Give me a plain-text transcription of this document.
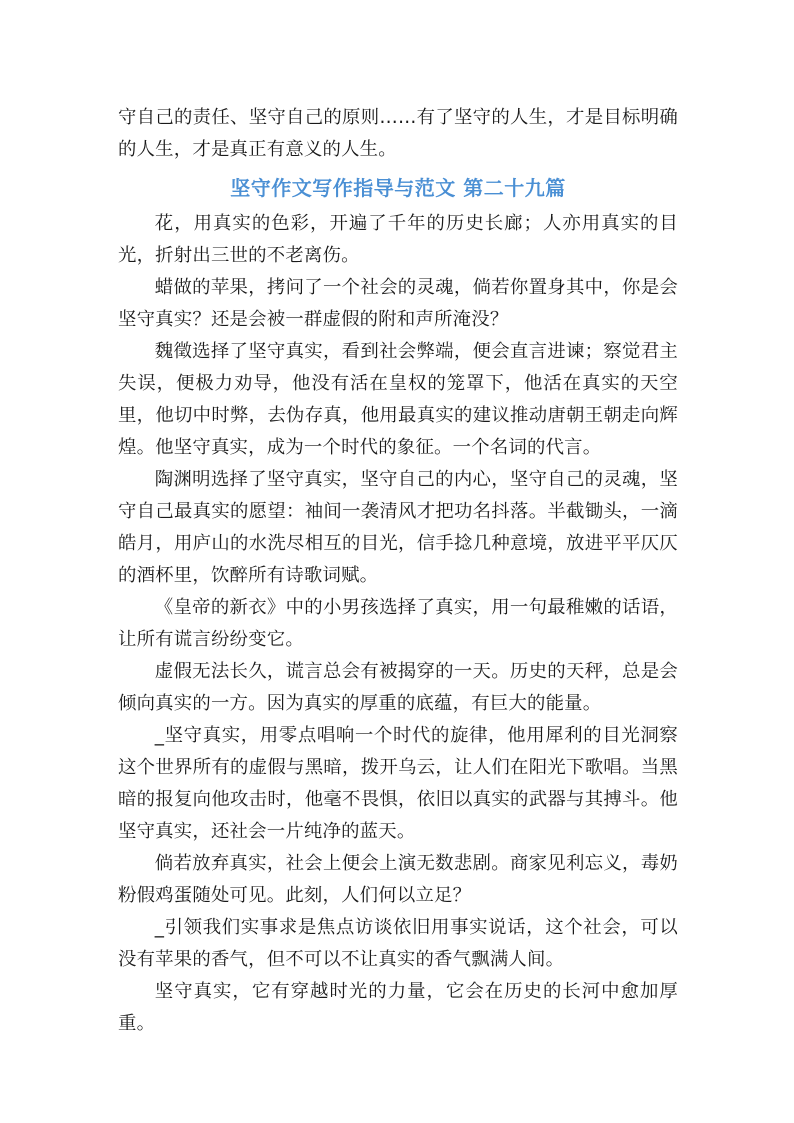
守自己的责任、坚守自己的原则……有了坚守的人生，才是目标明确的人生，才是真正有意义的人生。

坚守作文写作指导与范文 第二十九篇

花，用真实的色彩，开遍了千年的历史长廊；人亦用真实的目光，折射出三世的不老离伤。

蜡做的苹果，拷问了一个社会的灵魂，倘若你置身其中，你是会坚守真实？还是会被一群虚假的附和声所淹没？

魏徵选择了坚守真实，看到社会弊端，便会直言进谏；察觉君主失误，便极力劝导，他没有活在皇权的笼罩下，他活在真实的天空里，他切中时弊，去伪存真，他用最真实的建议推动唐朝王朝走向辉煌。他坚守真实，成为一个时代的象征。一个名词的代言。

陶渊明选择了坚守真实，坚守自己的内心，坚守自己的灵魂，坚守自己最真实的愿望：袖间一袭清风才把功名抖落。半截锄头，一滴皓月，用庐山的水洗尽相互的目光，信手捻几种意境，放进平平仄仄的酒杯里，饮醉所有诗歌词赋。

《皇帝的新衣》中的小男孩选择了真实，用一句最稚嫩的话语，让所有谎言纷纷变它。

虚假无法长久，谎言总会有被揭穿的一天。历史的天秤，总是会倾向真实的一方。因为真实的厚重的底蕴，有巨大的能量。

_坚守真实，用零点唱响一个时代的旋律，他用犀利的目光洞察这个世界所有的虚假与黑暗，拨开乌云，让人们在阳光下歌唱。当黑暗的报复向他攻击时，他毫不畏惧，依旧以真实的武器与其搏斗。他坚守真实，还社会一片纯净的蓝天。

倘若放弃真实，社会上便会上演无数悲剧。商家见利忘义，毒奶粉假鸡蛋随处可见。此刻，人们何以立足？

_引领我们实事求是焦点访谈依旧用事实说话，这个社会，可以没有苹果的香气，但不可以不让真实的香气飘满人间。

坚守真实，它有穿越时光的力量，它会在历史的长河中愈加厚重。
